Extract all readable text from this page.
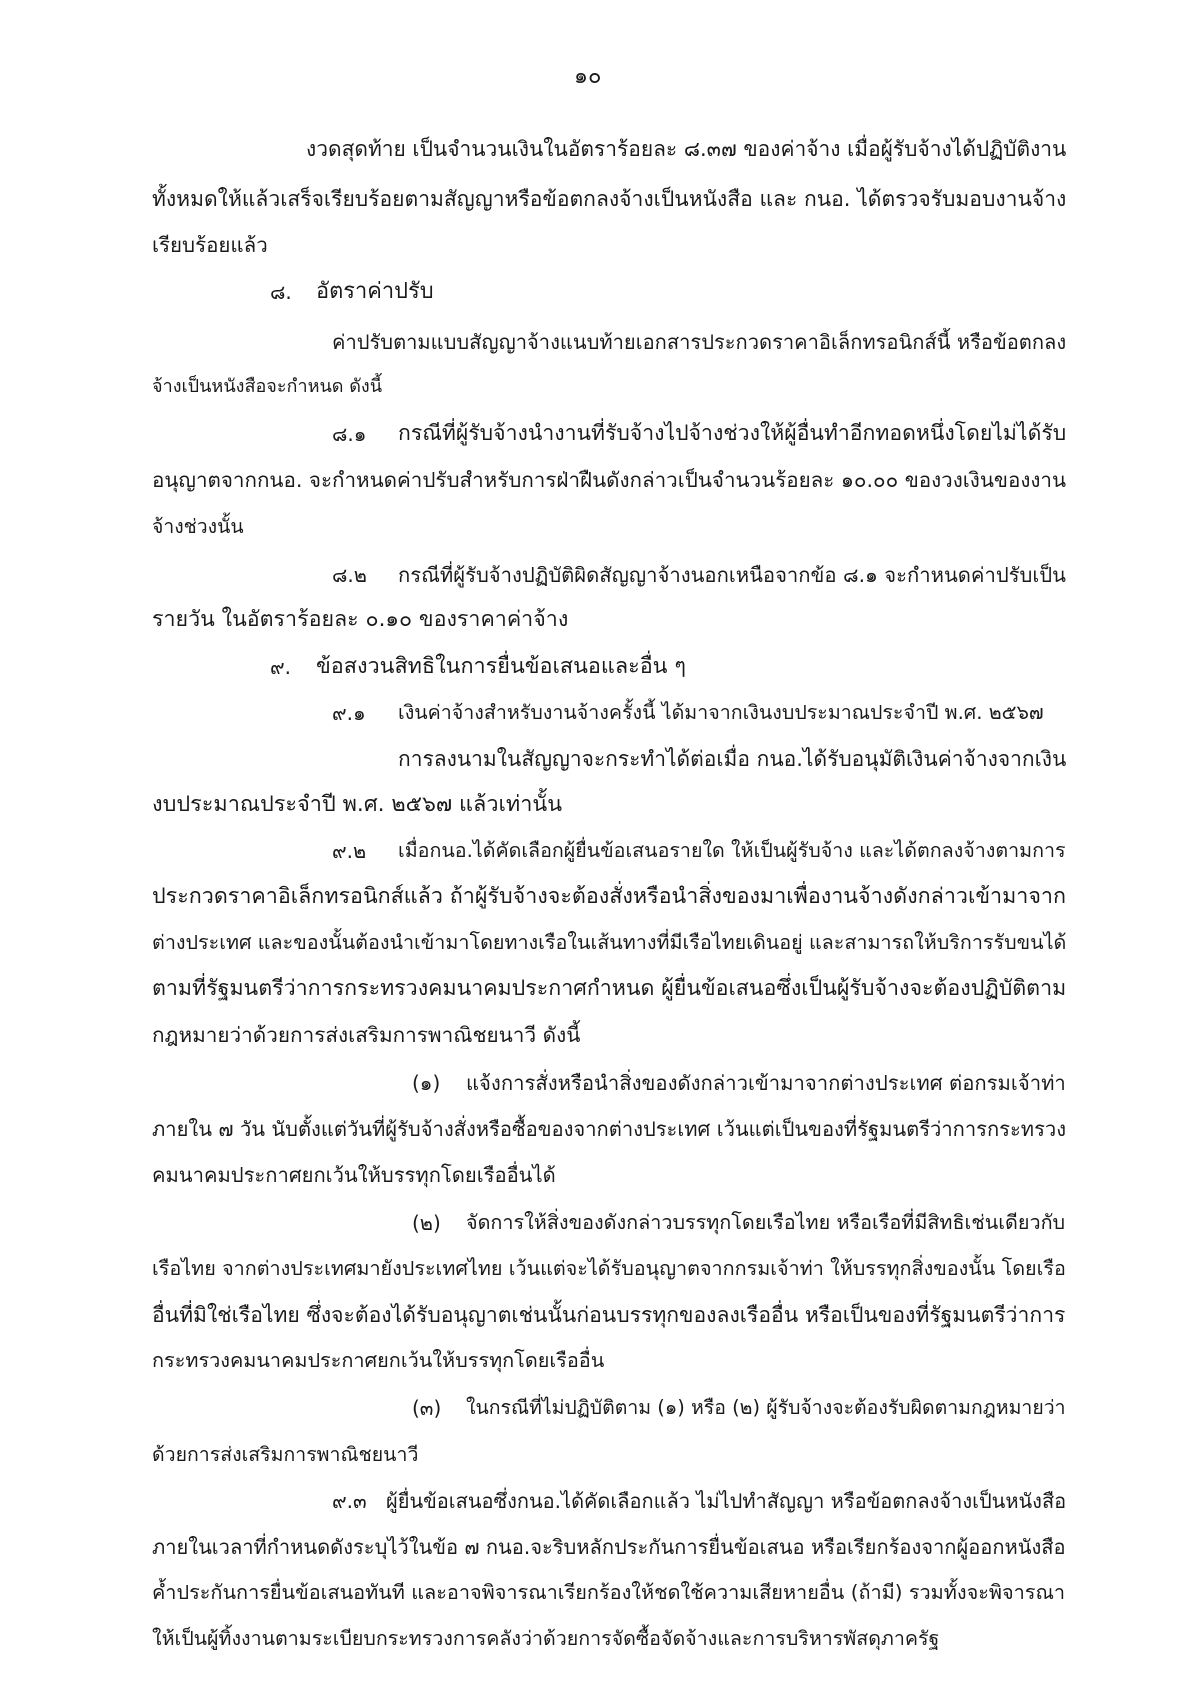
๑๐
งวดสุดท้าย เป็นจำนวนเงินในอัตราร้อยละ ๘.๓๗ ของค่าจ้าง เมื่อผู้รับจ้างได้ปฏิบัติงาน
ทั้งหมดให้แล้วเสร็จเรียบร้อยตามสัญญาหรือข้อตกลงจ้างเป็นหนังสือ และ กนอ. ได้ตรวจรับมอบงานจ้าง
เรียบร้อยแล้ว
๘. อัตราค่าปรับ
ค่าปรับตามแบบสัญญาจ้างแนบท้ายเอกสารประกวดราคาอิเล็กทรอนิกส์นี้ หรือข้อตกลง
จ้างเป็นหนังสือจะกำหนด ดังนี้
๘.๑ กรณีที่ผู้รับจ้างนำงานที่รับจ้างไปจ้างช่วงให้ผู้อื่นทำอีกทอดหนึ่งโดยไม่ได้รับ
อนุญาตจากกนอ. จะกำหนดค่าปรับสำหรับการฝ่าฝืนดังกล่าวเป็นจำนวนร้อยละ ๑๐.๐๐ ของวงเงินของงาน
จ้างช่วงนั้น
๘.๒ กรณีที่ผู้รับจ้างปฏิบัติผิดสัญญาจ้างนอกเหนือจากข้อ ๘.๑ จะกำหนดค่าปรับเป็น
รายวัน ในอัตราร้อยละ ๐.๑๐ ของราคาค่าจ้าง
๙. ข้อสงวนสิทธิในการยื่นข้อเสนอและอื่น ๆ
๙.๑ เงินค่าจ้างสำหรับงานจ้างครั้งนี้ ได้มาจากเงินงบประมาณประจำปี พ.ศ. ๒๕๖๗
การลงนามในสัญญาจะกระทำได้ต่อเมื่อ กนอ.ได้รับอนุมัติเงินค่าจ้างจากเงิน
งบประมาณประจำปี พ.ศ. ๒๕๖๗ แล้วเท่านั้น
๙.๒ เมื่อกนอ.ได้คัดเลือกผู้ยื่นข้อเสนอรายใด ให้เป็นผู้รับจ้าง และได้ตกลงจ้างตามการ
ประกวดราคาอิเล็กทรอนิกส์แล้ว ถ้าผู้รับจ้างจะต้องสั่งหรือนำสิ่งของมาเพื่องานจ้างดังกล่าวเข้ามาจาก
ต่างประเทศ และของนั้นต้องนำเข้ามาโดยทางเรือในเส้นทางที่มีเรือไทยเดินอยู่ และสามารถให้บริการรับขนได้
ตามที่รัฐมนตรีว่าการกระทรวงคมนาคมประกาศกำหนด ผู้ยื่นข้อเสนอซึ่งเป็นผู้รับจ้างจะต้องปฏิบัติตาม
กฎหมายว่าด้วยการส่งเสริมการพาณิชยนาวี ดังนี้
(๑) แจ้งการสั่งหรือนำสิ่งของดังกล่าวเข้ามาจากต่างประเทศ ต่อกรมเจ้าท่า
ภายใน ๗ วัน นับตั้งแต่วันที่ผู้รับจ้างสั่งหรือซื้อของจากต่างประเทศ เว้นแต่เป็นของที่รัฐมนตรีว่าการกระทรวง
คมนาคมประกาศยกเว้นให้บรรทุกโดยเรืออื่นได้
(๒) จัดการให้สิ่งของดังกล่าวบรรทุกโดยเรือไทย หรือเรือที่มีสิทธิเช่นเดียวกับ
เรือไทย จากต่างประเทศมายังประเทศไทย เว้นแต่จะได้รับอนุญาตจากกรมเจ้าท่า ให้บรรทุกสิ่งของนั้น โดยเรือ
อื่นที่มิใช่เรือไทย ซึ่งจะต้องได้รับอนุญาตเช่นนั้นก่อนบรรทุกของลงเรืออื่น หรือเป็นของที่รัฐมนตรีว่าการ
กระทรวงคมนาคมประกาศยกเว้นให้บรรทุกโดยเรืออื่น
(๓) ในกรณีที่ไม่ปฏิบัติตาม (๑) หรือ (๒) ผู้รับจ้างจะต้องรับผิดตามกฎหมายว่า
ด้วยการส่งเสริมการพาณิชยนาวี
๙.๓ ผู้ยื่นข้อเสนอซึ่งกนอ.ได้คัดเลือกแล้ว ไม่ไปทำสัญญา หรือข้อตกลงจ้างเป็นหนังสือ
ภายในเวลาที่กำหนดดังระบุไว้ในข้อ ๗ กนอ.จะริบหลักประกันการยื่นข้อเสนอ หรือเรียกร้องจากผู้ออกหนังสือ
ค้ำประกันการยื่นข้อเสนอทันที และอาจพิจารณาเรียกร้องให้ชดใช้ความเสียหายอื่น (ถ้ามี) รวมทั้งจะพิจารณา
ให้เป็นผู้ทิ้งงานตามระเบียบกระทรวงการคลังว่าด้วยการจัดซื้อจัดจ้างและการบริหารพัสดุภาครัฐ
